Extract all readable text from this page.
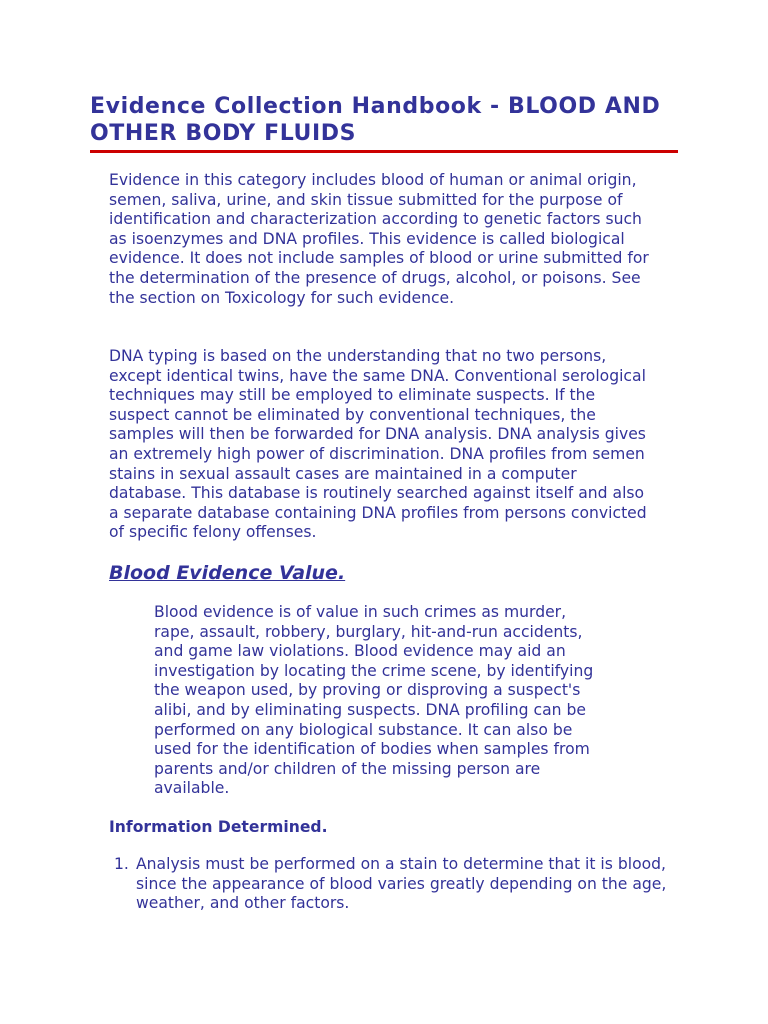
Evidence Collection Handbook - BLOOD AND OTHER BODY FLUIDS

Evidence in this category includes blood of human or animal origin, semen, saliva, urine, and skin tissue submitted for the purpose of identification and characterization according to genetic factors such as isoenzymes and DNA profiles. This evidence is called biological evidence. It does not include samples of blood or urine submitted for the determination of the presence of drugs, alcohol, or poisons. See the section on Toxicology for such evidence.

DNA typing is based on the understanding that no two persons, except identical twins, have the same DNA. Conventional serological techniques may still be employed to eliminate suspects. If the suspect cannot be eliminated by conventional techniques, the samples will then be forwarded for DNA analysis. DNA analysis gives an extremely high power of discrimination. DNA profiles from semen stains in sexual assault cases are maintained in a computer database. This database is routinely searched against itself and also a separate database containing DNA profiles from persons convicted of specific felony offenses.

Blood Evidence Value.

Blood evidence is of value in such crimes as murder, rape, assault, robbery, burglary, hit-and-run accidents, and game law violations. Blood evidence may aid an investigation by locating the crime scene, by identifying the weapon used, by proving or disproving a suspect's alibi, and by eliminating suspects. DNA profiling can be performed on any biological substance. It can also be used for the identification of bodies when samples from parents and/or children of the missing person are available.

Information Determined.
1. Analysis must be performed on a stain to determine that it is blood, since the appearance of blood varies greatly depending on the age, weather, and other factors.
